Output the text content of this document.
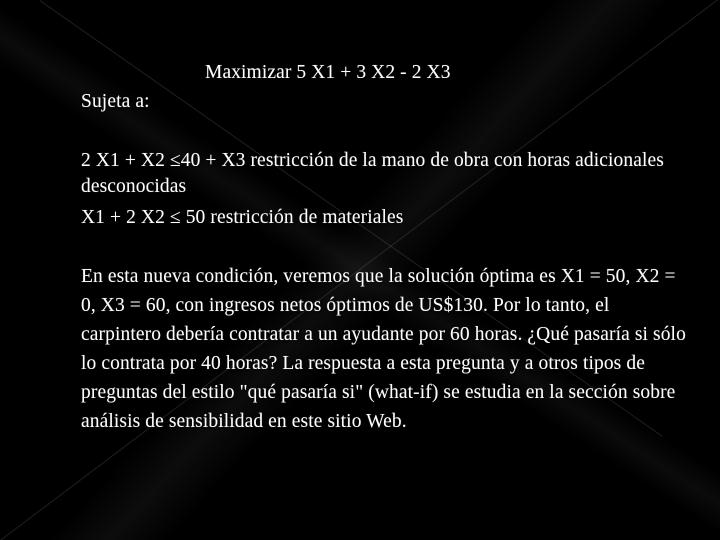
Maximizar 5 X1 + 3 X2 - 2 X3

Sujeta a:

2 X1 + X2 ≤40 + X3 restricción de la mano de obra con horas adicionales desconocidas

X1 + 2 X2 ≤ 50 restricción de materiales

En esta nueva condición, veremos que la solución óptima es X1 = 50, X2 = 0, X3 = 60, con ingresos netos óptimos de US$130. Por lo tanto, el carpintero debería contratar a un ayudante por 60 horas. ¿Qué pasaría si sólo lo contrata por 40 horas? La respuesta a esta pregunta y a otros tipos de preguntas del estilo "qué pasaría si" (what-if) se estudia en la sección sobre análisis de sensibilidad en este sitio Web.
